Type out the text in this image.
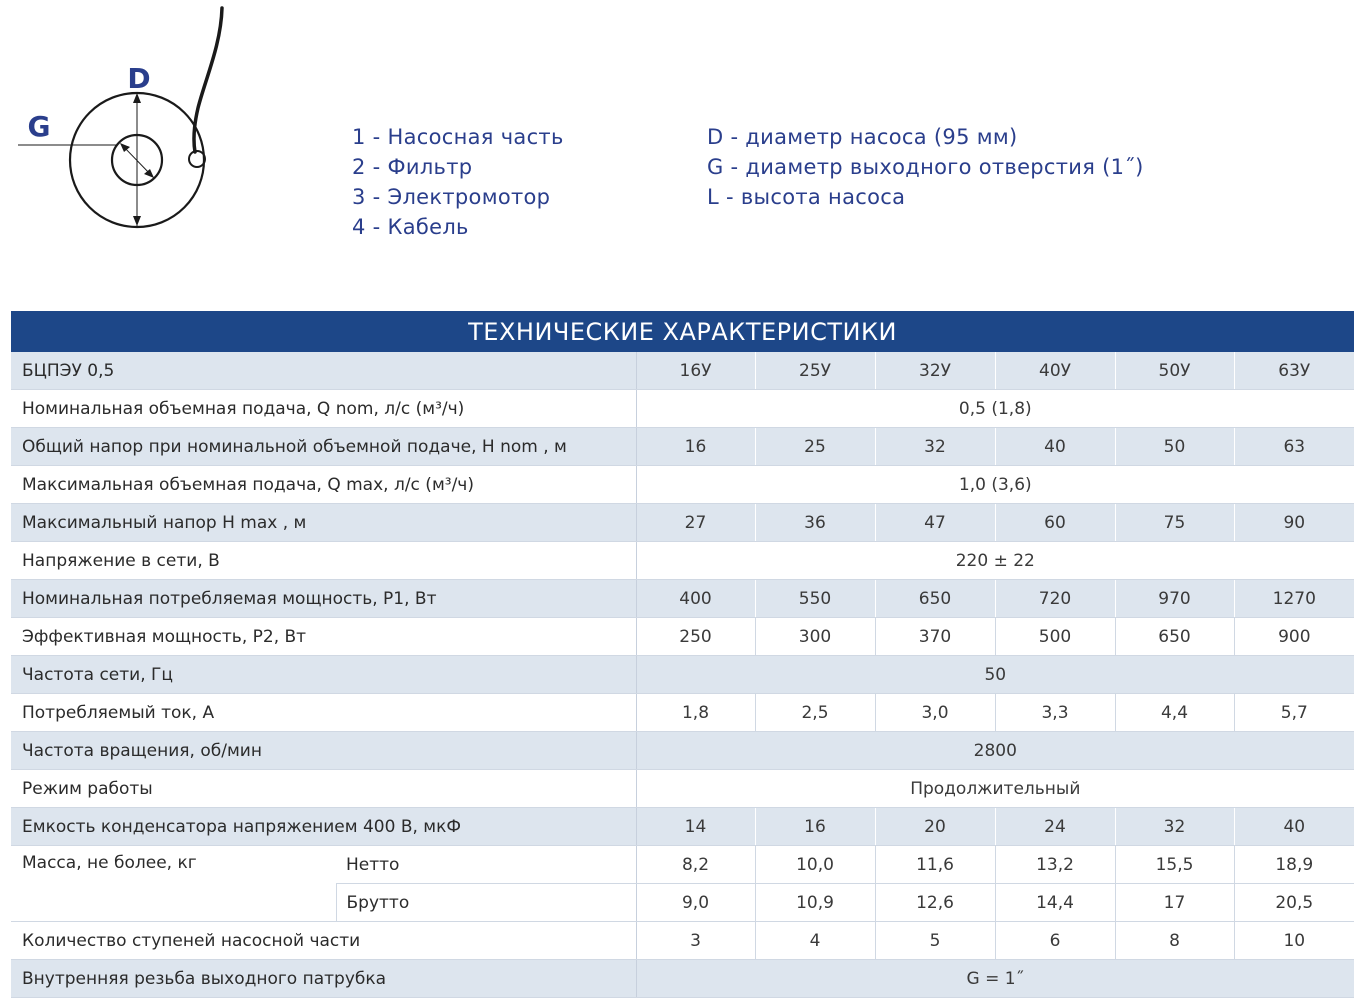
D
G	1 - Насосная часть
2 - Фильтр
3 - Электромотор
4 - Кабель
D - диаметр насоса (95 мм)
G - диаметр выходного отверстия (1˝)
L - высота насоса
ТЕХНИЧЕСКИЕ ХАРАКТЕРИСТИКИ							
БЦПЭУ 0,5		16У	25У	32У	40У	50У	63У
Номинальная объемная подача, Q nom, л/с (м³/ч)		0,5 (1,8)					
Общий напор при номинальной объемной подаче, H nom , м		16	25	32	40	50	63
Максимальная объемная подача, Q max, л/с (м³/ч)		1,0 (3,6)					
Максимальный напор H max , м		27	36	47	60	75	90
Напряжение в сети, В		220 ± 22					
Номинальная потребляемая мощность, Р1, Вт		400	550	650	720	970	1270
Эффективная мощность, Р2, Вт		250	300	370	500	650	900
Частота сети, Гц		50					
Потребляемый ток, А		1,8	2,5	3,0	3,3	4,4	5,7
Частота вращения, об/мин		2800					
Режим работы		Продолжительный					
Емкость конденсатора напряжением 400 В, мкФ		14	16	20	24	32	40
Масса, не более, кг	Нетто	8,2	10,0	11,6	13,2	15,5	18,9
	Брутто	9,0	10,9	12,6	14,4	17	20,5
Количество ступеней насосной части		3	4	5	6	8	10
Внутренняя резьба выходного патрубка		G = 1˝					
